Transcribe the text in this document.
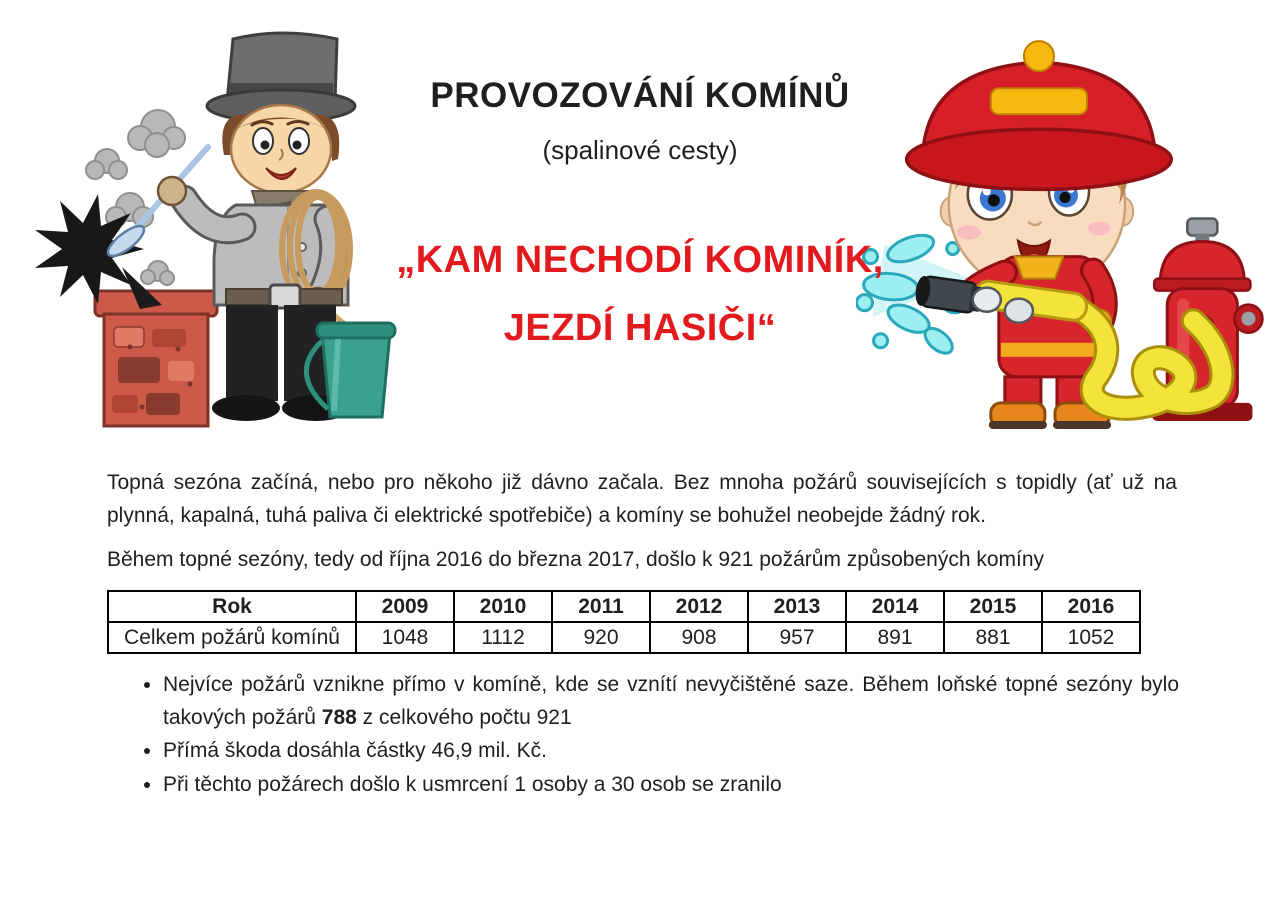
PROVOZOVÁNÍ KOMÍNŮ
(spalinové cesty)
„KAM NECHODÍ KOMINÍK,
JEZDÍ HASIČI“
Topná sezóna začíná, nebo pro někoho již dávno začala. Bez mnoha požárů souvisejících s topidly (ať už na plynná, kapalná, tuhá paliva či elektrické spotřebiče) a komíny se bohužel neobejde žádný rok.
Během topné sezóny, tedy od října 2016 do března 2017, došlo k 921 požárům způsobených komíny
Rok	2009	2010	2011	2012	2013	2014	2015	2016
Celkem požárů komínů	1048	1112	920	908	957	891	881	1052
• Nejvíce požárů vznikne přímo v komíně, kde se vznítí nevyčištěné saze. Během loňské topné sezóny bylo takových požárů 788 z celkového počtu 921
• Přímá škoda dosáhla částky 46,9 mil. Kč.
• Při těchto požárech došlo k usmrcení 1 osoby a 30 osob se zranilo
